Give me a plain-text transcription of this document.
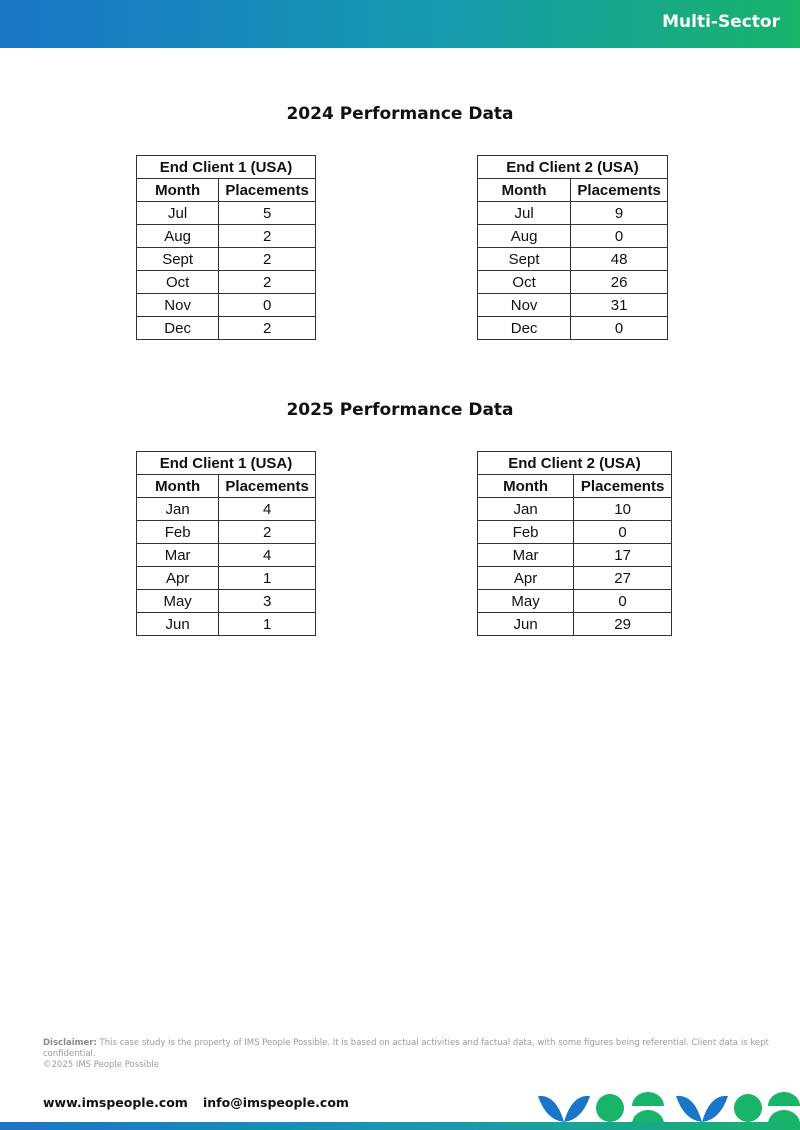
Multi-Sector
2024 Performance Data
End Client 1 (USA)	
Month	Placements
Jul	5
Aug	2
Sept	2
Oct	2
Nov	0
Dec	2
End Client 2 (USA)	
Month	Placements
Jul	9
Aug	0
Sept	48
Oct	26
Nov	31
Dec	0
2025 Performance Data
End Client 1 (USA)	
Month	Placements
Jan	4
Feb	2
Mar	4
Apr	1
May	3
Jun	1
End Client 2 (USA)	
Month	Placements
Jan	10
Feb	0
Mar	17
Apr	27
May	0
Jun	29
Disclaimer: This case study is the property of IMS People Possible. It is based on actual activities and factual data, with some figures being referential. Client data is kept confidential.
©2025 IMS People Possible
www.imspeople.com info@imspeople.com
